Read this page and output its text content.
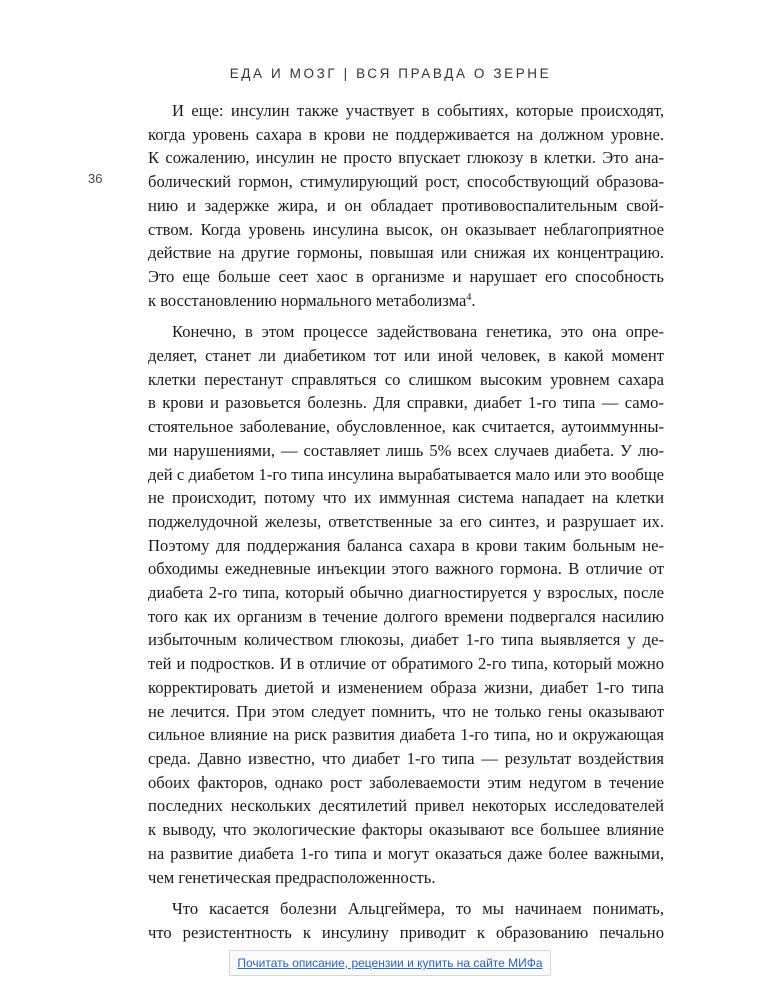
ЕДА И МОЗГ | ВСЯ ПРАВДА О ЗЕРНЕ
36
И еще: инсулин также участвует в событиях, которые происходят,
когда уровень сахара в крови не поддерживается на должном уровне.
К сожалению, инсулин не просто впускает глюкозу в клетки. Это ана-
болический гормон, стимулирующий рост, способствующий образова-
нию и задержке жира, и он обладает противовоспалительным свой-
ством. Когда уровень инсулина высок, он оказывает неблагоприятное
действие на другие гормоны, повышая или снижая их концентрацию.
Это еще больше сеет хаос в организме и нарушает его способность
к восстановлению нормального метаболизма$^4$.
Конечно, в этом процессе задействована генетика, это она опре-
деляет, станет ли диабетиком тот или иной человек, в какой момент
клетки перестанут справляться со слишком высоким уровнем сахара
в крови и разовьется болезнь. Для справки, диабет 1-го типа — само-
стоятельное заболевание, обусловленное, как считается, аутоиммунны-
ми нарушениями, — составляет лишь 5% всех случаев диабета. У лю-
дей с диабетом 1-го типа инсулина вырабатывается мало или это вообще
не происходит, потому что их иммунная система нападает на клетки
поджелудочной железы, ответственные за его синтез, и разрушает их.
Поэтому для поддержания баланса сахара в крови таким больным не-
обходимы ежедневные инъекции этого важного гормона. В отличие от
диабета 2-го типа, который обычно диагностируется у взрослых, после
того как их организм в течение долгого времени подвергался насилию
избыточным количеством глюкозы, диабет 1-го типа выявляется у де-
тей и подростков. И в отличие от обратимого 2-го типа, который можно
корректировать диетой и изменением образа жизни, диабет 1-го типа
не лечится. При этом следует помнить, что не только гены оказывают
сильное влияние на риск развития диабета 1-го типа, но и окружающая
среда. Давно известно, что диабет 1-го типа — результат воздействия
обоих факторов, однако рост заболеваемости этим недугом в течение
последних нескольких десятилетий привел некоторых исследователей
к выводу, что экологические факторы оказывают все большее влияние
на развитие диабета 1-го типа и могут оказаться даже более важными,
чем генетическая предрасположенность.
Что касается болезни Альцгеймера, то мы начинаем понимать,
что резистентность к инсулину приводит к образованию печально
Почитать описание, рецензии и купить на сайте МИФа
